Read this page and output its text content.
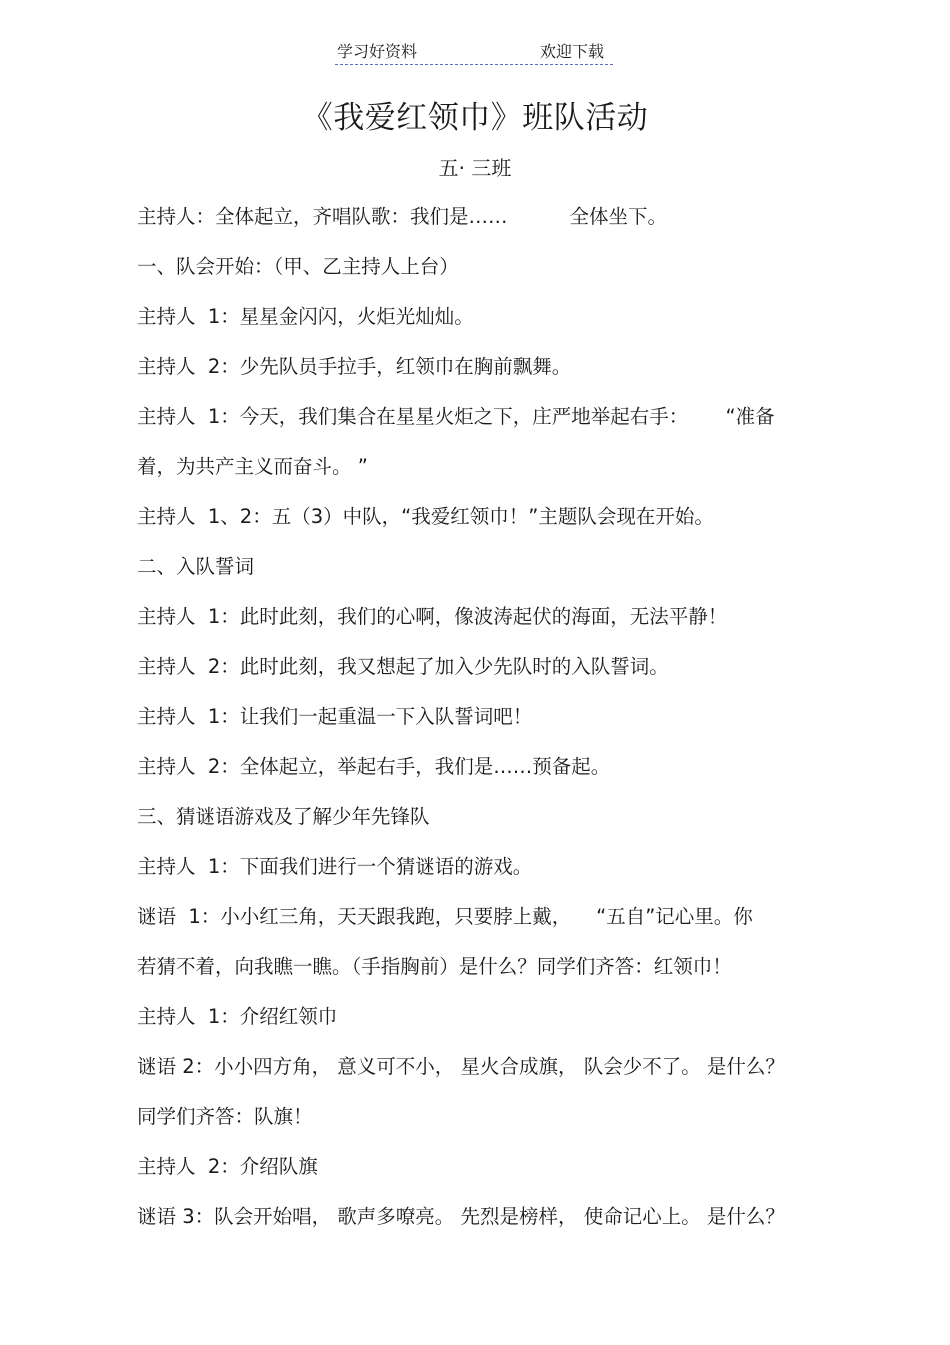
学习好资料	欢迎下载
《我爱红领巾》班队活动
五· 三班
主持人：全体起立，齐唱队歌：我们是……          全体坐下。
一、队会开始：（甲、乙主持人上台）
主持人  1：星星金闪闪，火炬光灿灿。
主持人  2：少先队员手拉手，红领巾在胸前飘舞。
主持人  1：今天，我们集合在星星火炬之下，庄严地举起右手：      “准备
着，为共产主义而奋斗。 ”
主持人  1、2：五（3）中队，“我爱红领巾！”主题队会现在开始。
二、入队誓词
主持人  1：此时此刻，我们的心啊，像波涛起伏的海面，无法平静！
主持人  2：此时此刻，我又想起了加入少先队时的入队誓词。
主持人  1：让我们一起重温一下入队誓词吧！
主持人  2：全体起立，举起右手，我们是……预备起。
三、猜谜语游戏及了解少年先锋队
主持人  1：下面我们进行一个猜谜语的游戏。
谜语  1：小小红三角，天天跟我跑，只要脖上戴，    “五自”记心里。你
若猜不着，向我瞧一瞧。（手指胸前）是什么？同学们齐答：红领巾！
主持人  1：介绍红领巾
谜语 2：小小四方角， 意义可不小， 星火合成旗， 队会少不了。 是什么？
同学们齐答：队旗！
主持人  2：介绍队旗
谜语 3：队会开始唱， 歌声多嘹亮。 先烈是榜样， 使命记心上。 是什么？
